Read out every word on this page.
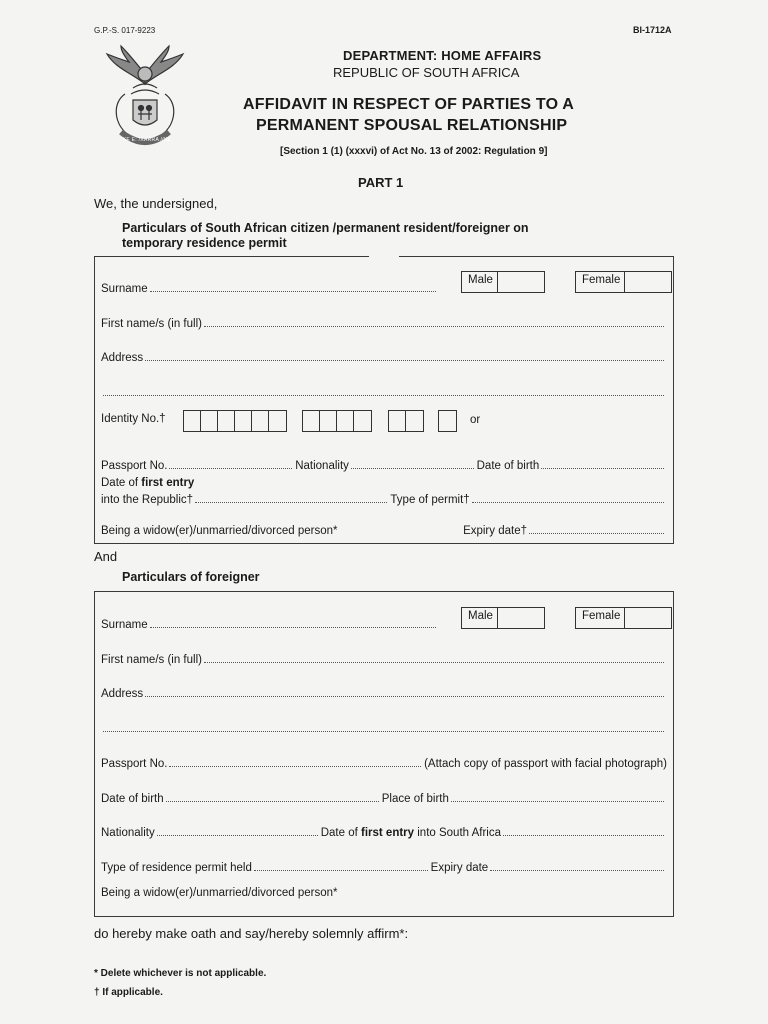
G.P.-S. 017-9223	BI-1712A
!KE E: /XARRA //KE
DEPARTMENT: HOME AFFAIRS
REPUBLIC OF SOUTH AFRICA
AFFIDAVIT IN RESPECT OF PARTIES TO A
PERMANENT SPOUSAL RELATIONSHIP
[Section 1 (1) (xxxvi) of Act No. 13 of 2002: Regulation 9]
PART 1
We, the undersigned,
Particulars of South African citizen /permanent resident/foreigner on
temporary residence permit
Surname
Male	Female
First name/s (in full)
Address
Identity No.†	or
Passport No.	Nationality	Date of birth
Date of first entry
into the Republic†	Type of permit†
Being a widow(er)/unmarried/divorced person*	Expiry date†
And
Particulars of foreigner
Surname
Male	Female
First name/s (in full)
Address
Passport No.	(Attach copy of passport with facial photograph)
Date of birth	Place of birth
Nationality	Date of first entry into South Africa
Type of residence permit held	Expiry date
Being a widow(er)/unmarried/divorced person*
do hereby make oath and say/hereby solemnly affirm*:
* Delete whichever is not applicable.
† If applicable.
